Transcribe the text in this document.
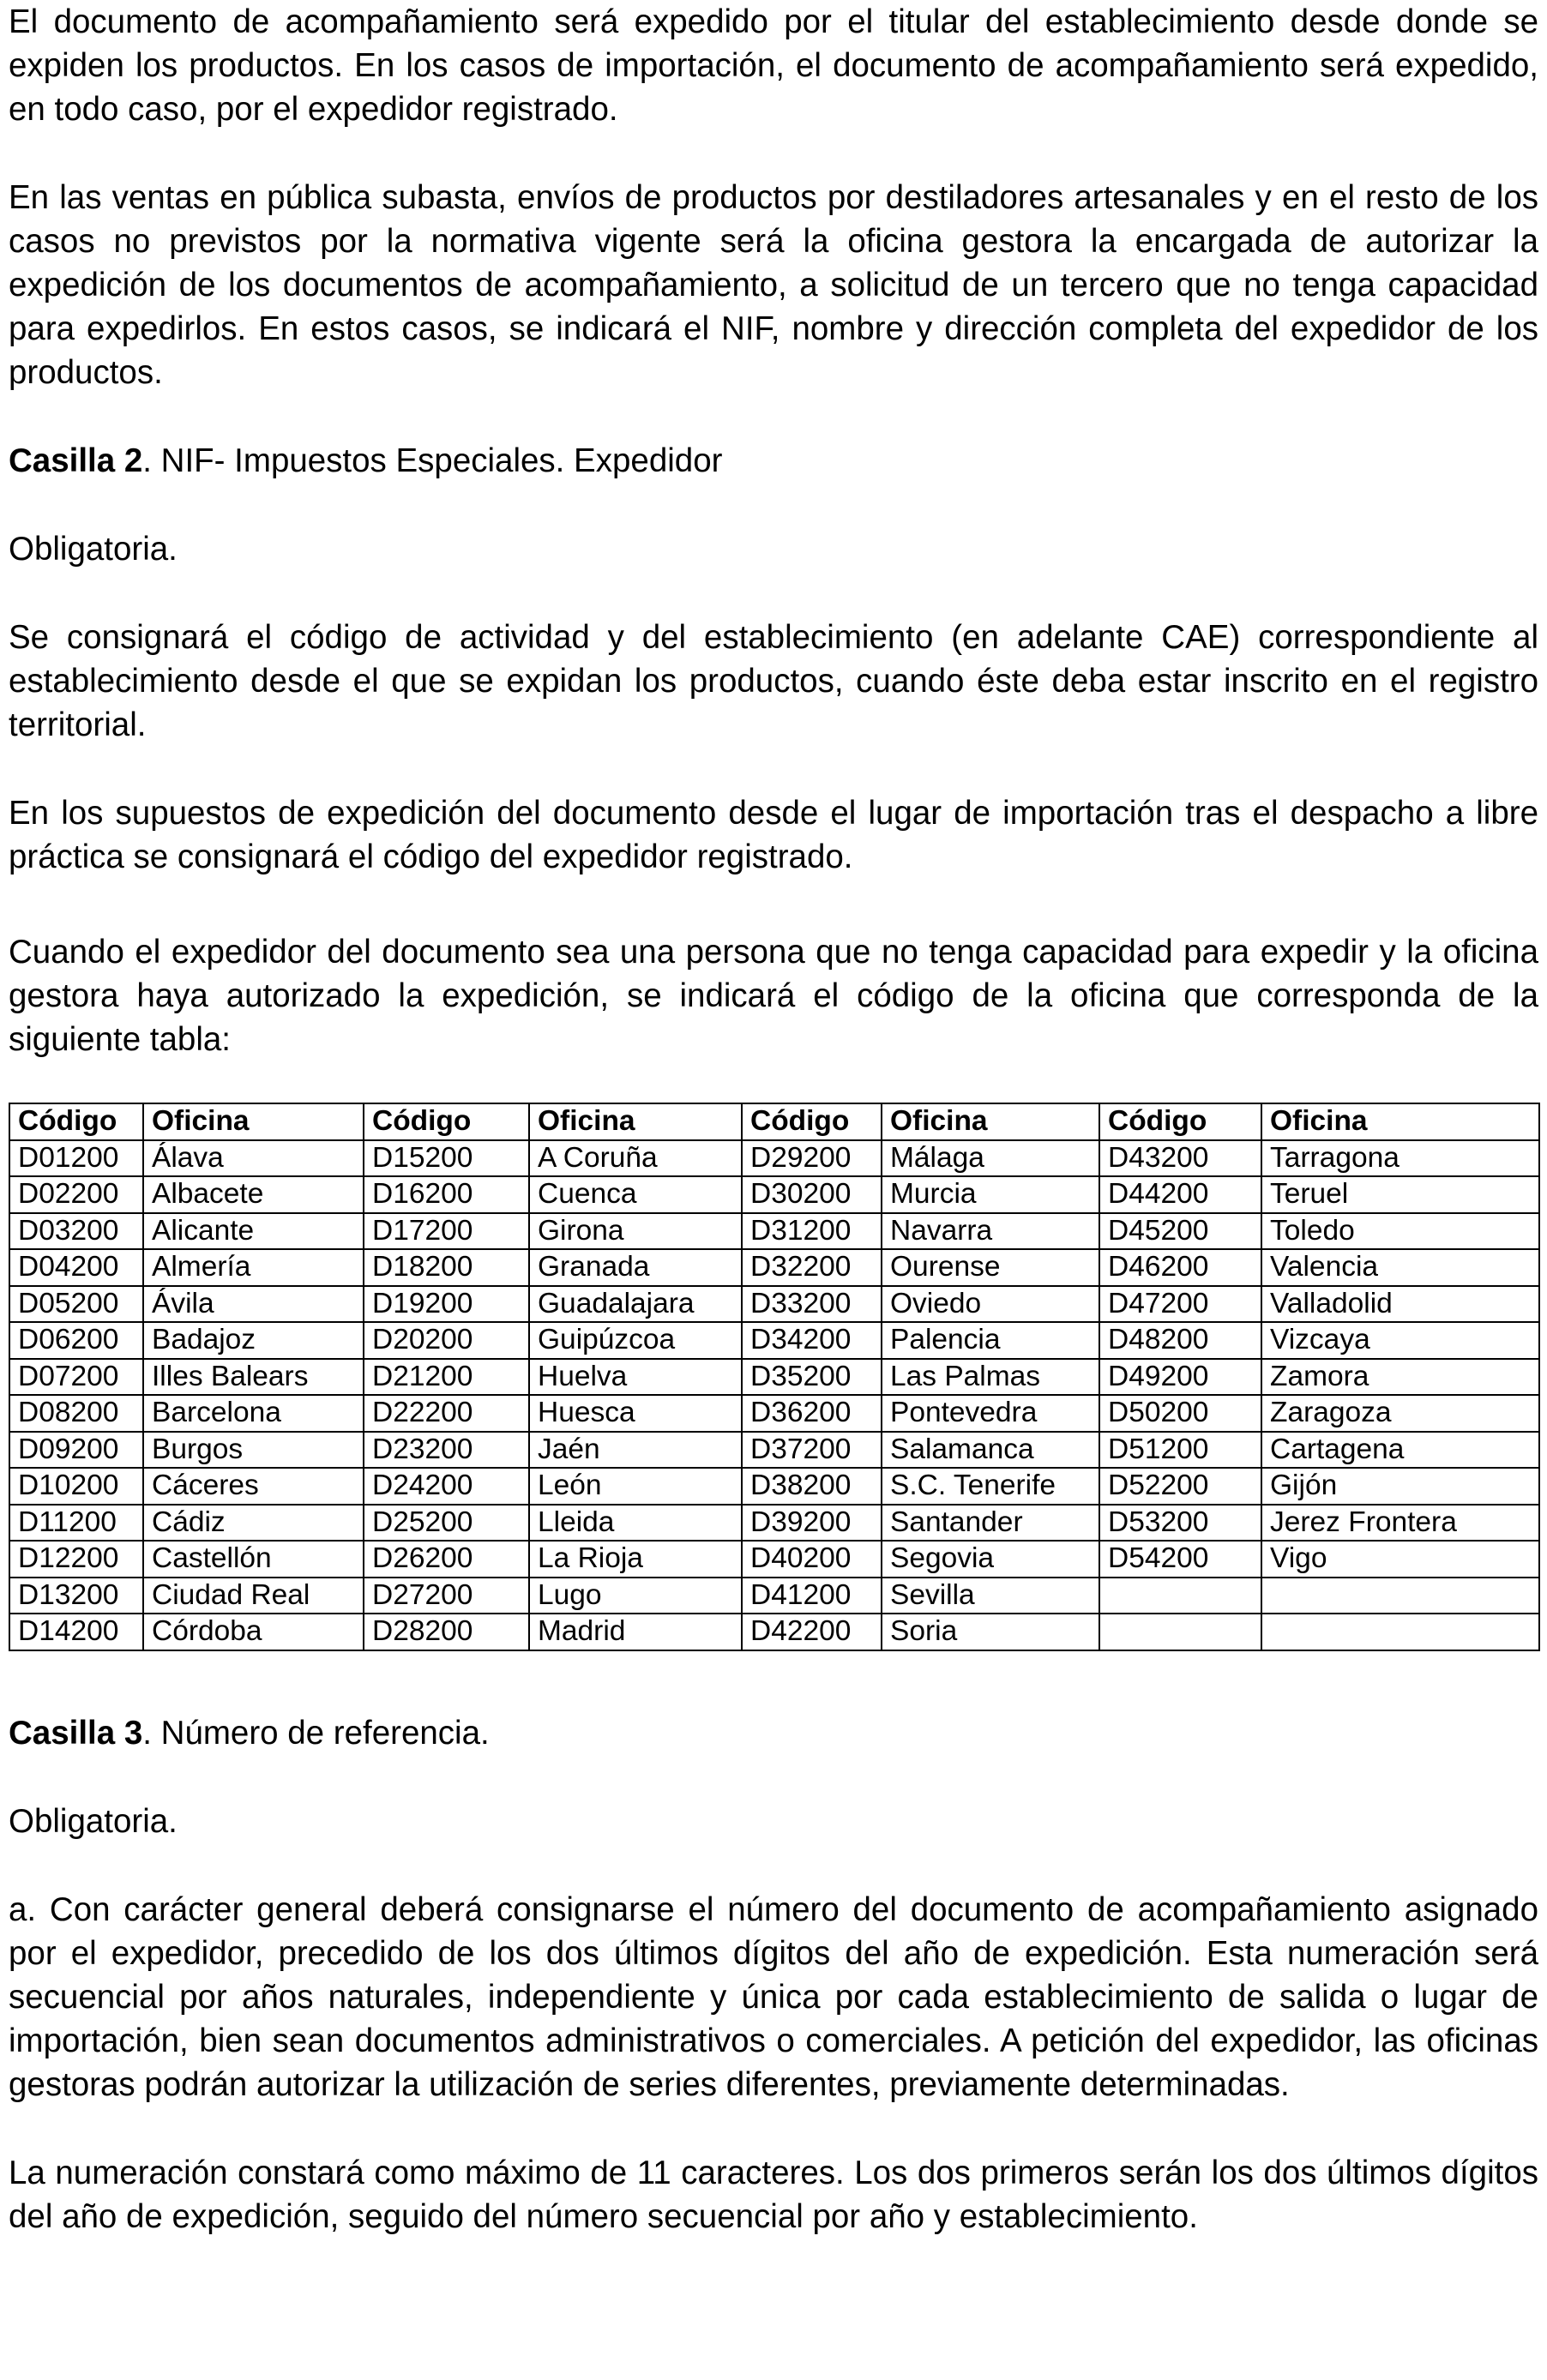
El documento de acompañamiento será expedido por el titular del establecimiento desde donde se expiden los productos. En los casos de importación, el documento de acompañamiento será expedido, en todo caso, por el expedidor registrado.

En las ventas en pública subasta, envíos de productos por destiladores artesanales y en el resto de los casos no previstos por la normativa vigente será la oficina gestora la encargada de autorizar la expedición de los documentos de acompañamiento, a solicitud de un tercero que no tenga capacidad para expedirlos. En estos casos, se indicará el NIF, nombre y dirección completa del expedidor de los productos.

Casilla 2. NIF- Impuestos Especiales. Expedidor

Obligatoria.

Se consignará el código de actividad y del establecimiento (en adelante CAE) correspondiente al establecimiento desde el que se expidan los productos, cuando éste deba estar inscrito en el registro territorial.

En los supuestos de expedición del documento desde el lugar de importación tras el despacho a libre práctica se consignará el código del expedidor registrado.

Cuando el expedidor del documento sea una persona que no tenga capacidad para expedir y la oficina gestora haya autorizado la expedición, se indicará el código de la oficina que corresponda de la siguiente tabla:

Código	Oficina	Código	Oficina	Código	Oficina	Código	Oficina
D01200	Álava	D15200	A Coruña	D29200	Málaga	D43200	Tarragona
D02200	Albacete	D16200	Cuenca	D30200	Murcia	D44200	Teruel
D03200	Alicante	D17200	Girona	D31200	Navarra	D45200	Toledo
D04200	Almería	D18200	Granada	D32200	Ourense	D46200	Valencia
D05200	Ávila	D19200	Guadalajara	D33200	Oviedo	D47200	Valladolid
D06200	Badajoz	D20200	Guipúzcoa	D34200	Palencia	D48200	Vizcaya
D07200	Illes Balears	D21200	Huelva	D35200	Las Palmas	D49200	Zamora
D08200	Barcelona	D22200	Huesca	D36200	Pontevedra	D50200	Zaragoza
D09200	Burgos	D23200	Jaén	D37200	Salamanca	D51200	Cartagena
D10200	Cáceres	D24200	León	D38200	S.C. Tenerife	D52200	Gijón
D11200	Cádiz	D25200	Lleida	D39200	Santander	D53200	Jerez Frontera
D12200	Castellón	D26200	La Rioja	D40200	Segovia	D54200	Vigo
D13200	Ciudad Real	D27200	Lugo	D41200	Sevilla		
D14200	Córdoba	D28200	Madrid	D42200	Soria		

Casilla 3. Número de referencia.

Obligatoria.

a. Con carácter general deberá consignarse el número del documento de acompañamiento asignado por el expedidor, precedido de los dos últimos dígitos del año de expedición. Esta numeración será secuencial por años naturales, independiente y única por cada establecimiento de salida o lugar de importación, bien sean documentos administrativos o comerciales. A petición del expedidor, las oficinas gestoras podrán autorizar la utilización de series diferentes, previamente determinadas.

La numeración constará como máximo de 11 caracteres. Los dos primeros serán los dos últimos dígitos del año de expedición, seguido del número secuencial por año y establecimiento.
